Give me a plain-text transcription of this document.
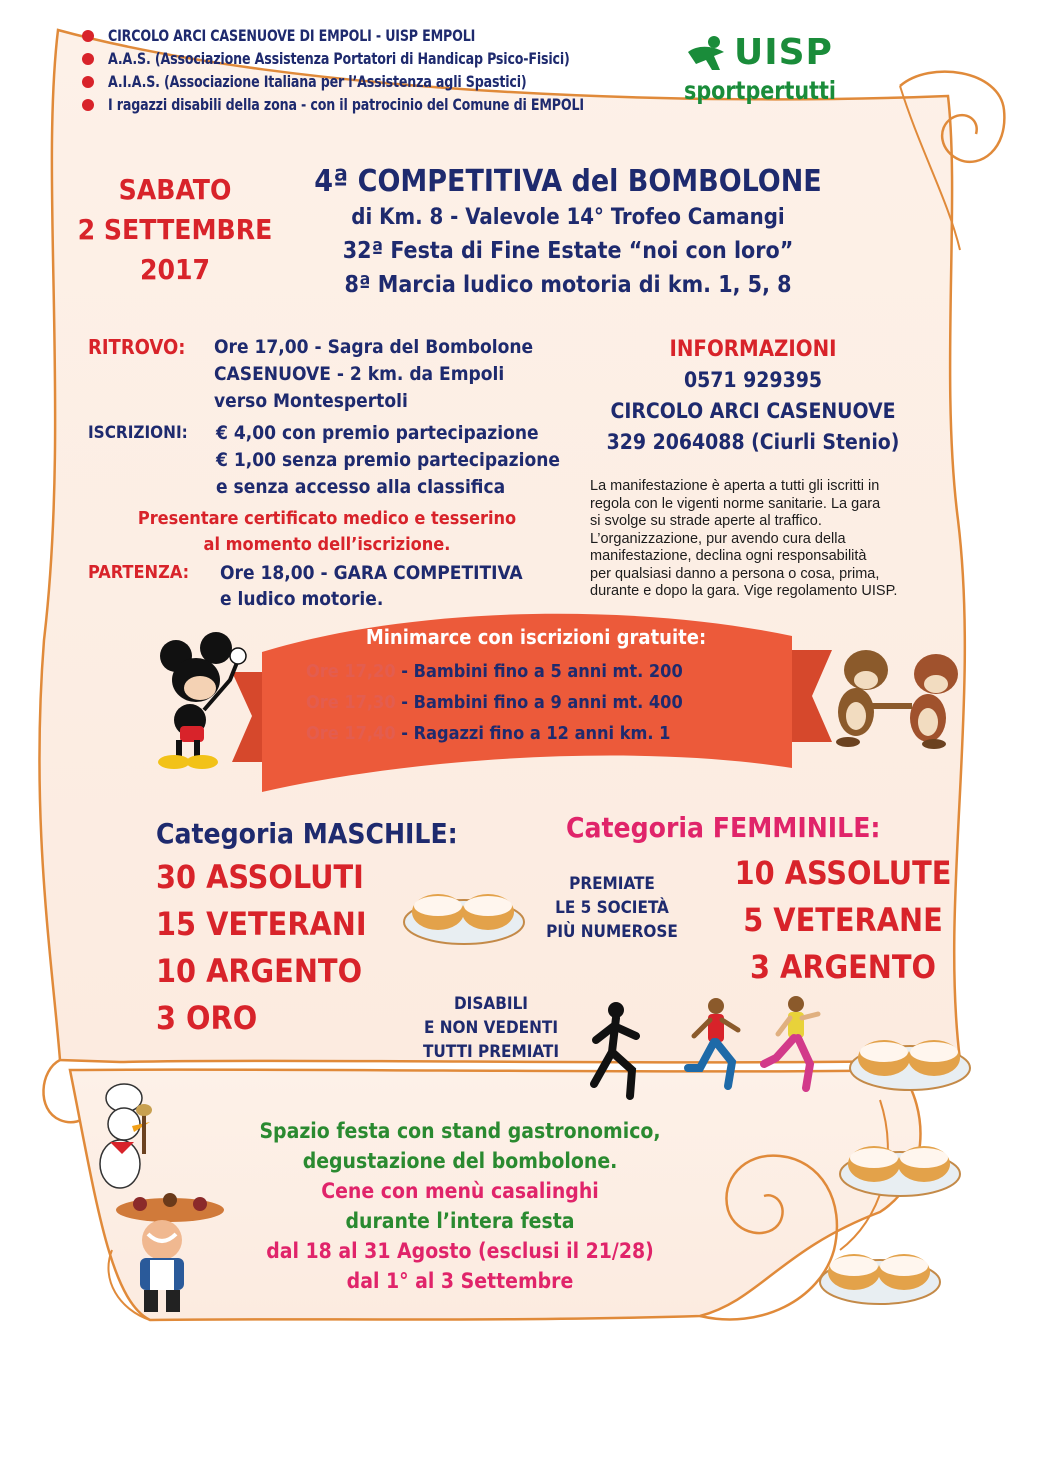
CIRCOLO ARCI CASENUOVE DI EMPOLI - UISP EMPOLI
A.A.S. (Associazione Assistenza Portatori di Handicap Psico-Fisici)
A.I.A.S. (Associazione Italiana per l’Assistenza agli Spastici)
I ragazzi disabili della zona - con il patrocinio del Comune di EMPOLI
UISP
sportpertutti
SABATO
2 SETTEMBRE
2017
4ª COMPETITIVA del BOMBOLONE
di Km. 8 - Valevole 14° Trofeo Camangi
32ª Festa di Fine Estate “noi con loro”
8ª Marcia ludico motoria di km. 1, 5, 8
RITROVO:	Ore 17,00 - Sagra del Bombolone
CASENUOVE - 2 km. da Empoli
verso Montespertoli
ISCRIZIONI:	€ 4,00 con premio partecipazione
€ 1,00 senza premio partecipazione
e senza accesso alla classifica
Presentare certificato medico e tesserino
al momento dell’iscrizione.
PARTENZA:	Ore 18,00 - GARA COMPETITIVA
e ludico motorie.
INFORMAZIONI
0571 929395
CIRCOLO ARCI CASENUOVE
329 2064088 (Ciurli Stenio)
La manifestazione è aperta a tutti gli iscritti in
regola con le vigenti norme sanitarie. La gara
si svolge su strade aperte al traffico.
L’organizzazione, pur avendo cura della
manifestazione, declina ogni responsabilità
per qualsiasi danno a persona o cosa, prima,
durante e dopo la gara. Vige regolamento UISP.
Minimarce con iscrizioni gratuite:
Ore 17,20 - Bambini fino a 5 anni mt. 200
Ore 17,30 - Bambini fino a 9 anni mt. 400
Ore 17,40 - Ragazzi fino a 12 anni km. 1
Categoria MASCHILE:
30 ASSOLUTI
15 VETERANI
10 ARGENTO
3 ORO
Categoria FEMMINILE:
10 ASSOLUTE
5 VETERANE
3 ARGENTO
PREMIATE
LE 5 SOCIETÀ
PIÙ NUMEROSE
DISABILI
E NON VEDENTI
TUTTI PREMIATI
Spazio festa con stand gastronomico,
degustazione del bombolone.
Cene con menù casalinghi
durante l’intera festa
dal 18 al 31 Agosto (esclusi il 21/28)
dal 1° al 3 Settembre
